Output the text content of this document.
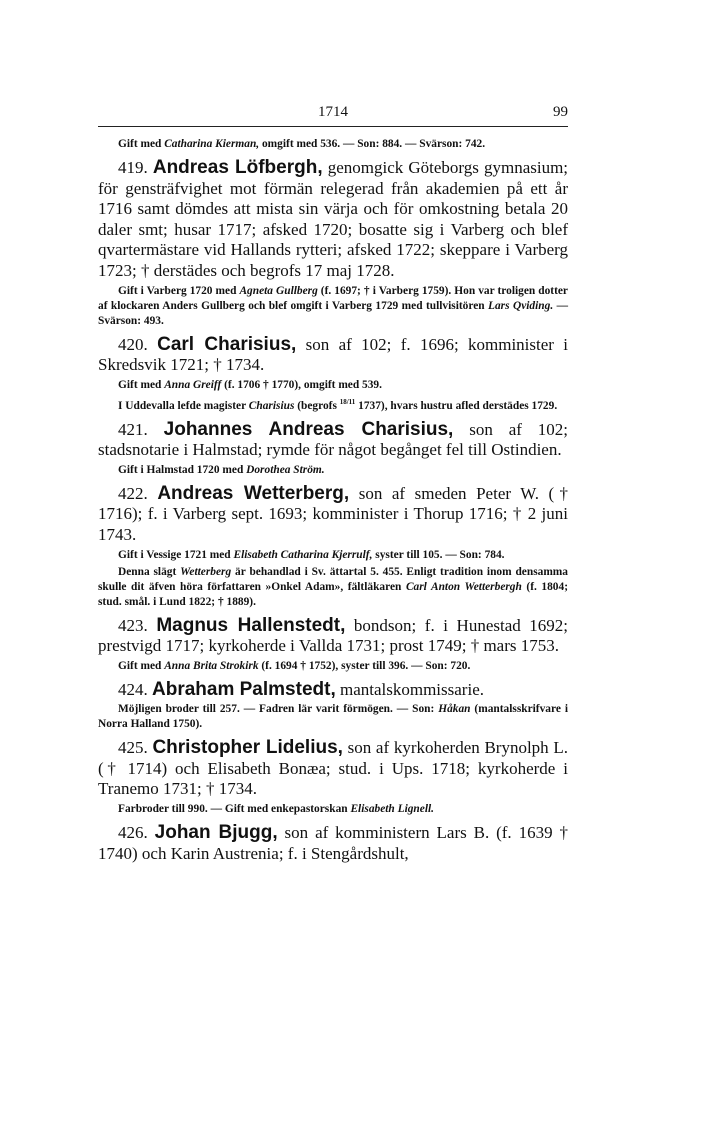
1714	99

Gift med Catharina Kierman, omgift med 536. — Son: 884. — Svärson: 742.

419. Andreas Löfbergh, genomgick Göteborgs gymnasium; för gensträfvighet mot förmän relegerad från akademien på ett år 1716 samt dömdes att mista sin värja och för omkostning betala 20 daler smt; husar 1717; afsked 1720; bosatte sig i Varberg och blef qvartermästare vid Hallands rytteri; afsked 1722; skeppare i Varberg 1723; † derstädes och begrofs 17 maj 1728.

Gift i Varberg 1720 med Agneta Gullberg (f. 1697; † i Varberg 1759). Hon var troligen dotter af klockaren Anders Gullberg och blef omgift i Varberg 1729 med tullvisitören Lars Qviding. — Svärson: 493.

420. Carl Charisius, son af 102; f. 1696; komminister i Skredsvik 1721; † 1734.

Gift med Anna Greiff (f. 1706 † 1770), omgift med 539.

I Uddevalla lefde magister Charisius (begrofs $^{18/11}$ 1737), hvars hustru afled derstädes 1729.

421. Johannes Andreas Charisius, son af 102; stadsnotarie i Halmstad; rymde för något begånget fel till Ostindien.

Gift i Halmstad 1720 med Dorothea Ström.

422. Andreas Wetterberg, son af smeden Peter W. († 1716); f. i Varberg sept. 1693; komminister i Thorup 1716; † 2 juni 1743.

Gift i Vessige 1721 med Elisabeth Catharina Kjerrulf, syster till 105. — Son: 784.

Denna slägt Wetterberg är behandlad i Sv. ättartal 5. 455. Enligt tradition inom densamma skulle dit äfven höra författaren »Onkel Adam», fältläkaren Carl Anton Wetterbergh (f. 1804; stud. smål. i Lund 1822; † 1889).

423. Magnus Hallenstedt, bondson; f. i Hunestad 1692; prestvigd 1717; kyrkoherde i Vallda 1731; prost 1749; † mars 1753.

Gift med Anna Brita Strokirk (f. 1694 † 1752), syster till 396. — Son: 720.

424. Abraham Palmstedt, mantalskommissarie.

Möjligen broder till 257. — Fadren lär varit förmögen. — Son: Håkan (mantalsskrifvare i Norra Halland 1750).

425. Christopher Lidelius, son af kyrkoherden Brynolph L. († 1714) och Elisabeth Bonæa; stud. i Ups. 1718; kyrkoherde i Tranemo 1731; † 1734.

Farbroder till 990. — Gift med enkepastorskan Elisabeth Lignell.

426. Johan Bjugg, son af komministern Lars B. (f. 1639 † 1740) och Karin Austrenia; f. i Stengårdshult,
